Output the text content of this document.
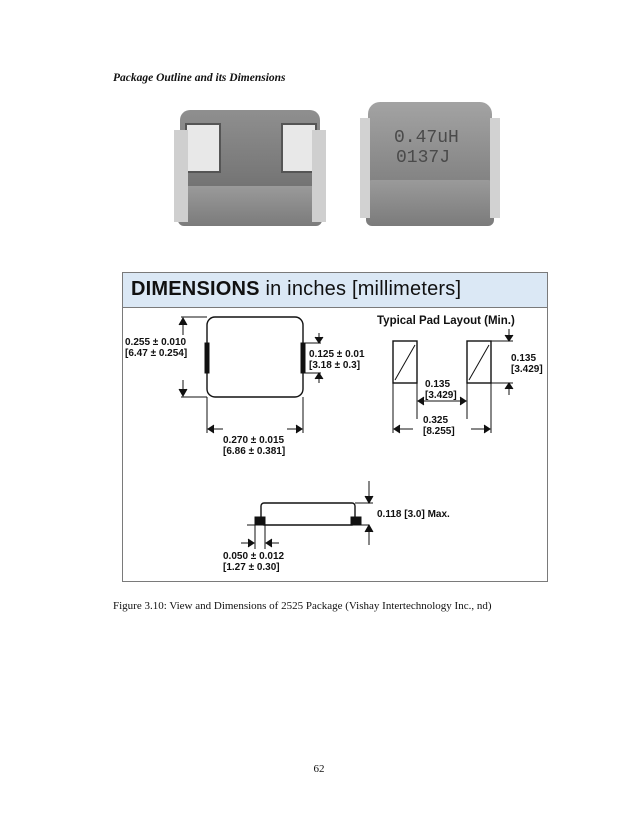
Package Outline and its Dimensions
0.47uH
0137J
DIMENSIONS in inches [millimeters]
Typical Pad Layout (Min.)
0.255 ± 0.010
[6.47 ± 0.254]	0.125 ± 0.01
[3.18 ± 0.3]
0.270 ± 0.015
[6.86 ± 0.381]
0.135
[3.429]
0.135
[3.429]
0.325
[8.255]
0.118 [3.0] Max.
0.050 ± 0.012
[1.27 ± 0.30]
Figure 3.10: View and Dimensions of 2525 Package (Vishay Intertechnology Inc., nd)
62
